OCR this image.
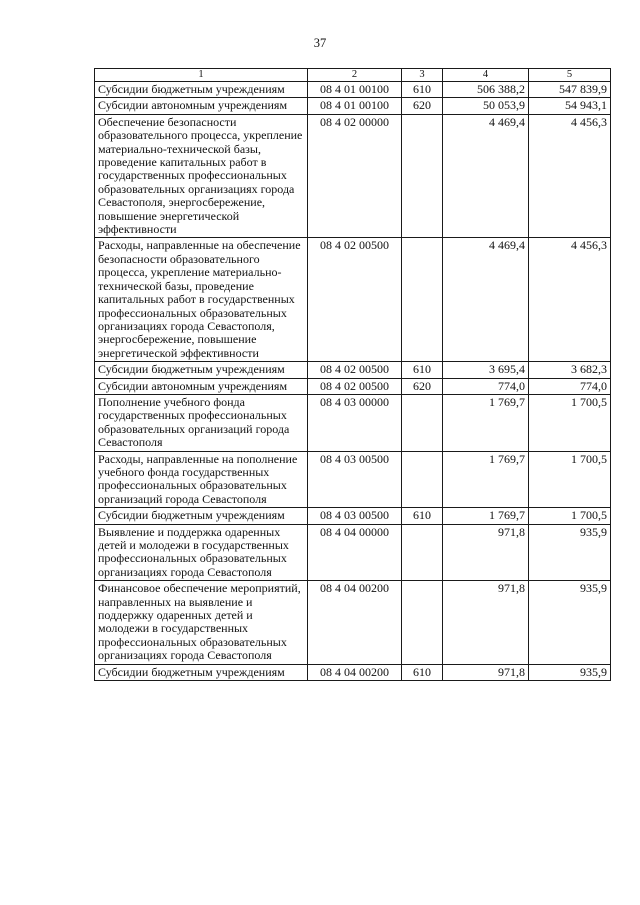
37
1	2	3	4	5
Субсидии бюджетным учреждениям	08 4 01 00100	610	506 388,2	547 839,9
Субсидии автономным учреждениям	08 4 01 00100	620	50 053,9	54 943,1
Обеспечение безопасности образовательного процесса, укрепление материально-технической базы, проведение капитальных работ в государственных профессиональных образовательных организациях города Севастополя, энергосбережение, повышение энергетической эффективности	08 4 02 00000		4 469,4	4 456,3
Расходы, направленные на обеспечение безопасности образовательного процесса, укрепление материально-технической базы, проведение капитальных работ в государственных профессиональных образовательных организациях города Севастополя, энергосбережение, повышение энергетической эффективности	08 4 02 00500		4 469,4	4 456,3
Субсидии бюджетным учреждениям	08 4 02 00500	610	3 695,4	3 682,3
Субсидии автономным учреждениям	08 4 02 00500	620	774,0	774,0
Пополнение учебного фонда государственных профессиональных образовательных организаций города Севастополя	08 4 03 00000		1 769,7	1 700,5
Расходы, направленные на пополнение учебного фонда государственных профессиональных образовательных организаций города Севастополя	08 4 03 00500		1 769,7	1 700,5
Субсидии бюджетным учреждениям	08 4 03 00500	610	1 769,7	1 700,5
Выявление и поддержка одаренных детей и молодежи в государственных профессиональных образовательных организациях города Севастополя	08 4 04 00000		971,8	935,9
Финансовое обеспечение мероприятий, направленных на выявление и поддержку одаренных детей и молодежи в государственных профессиональных образовательных организациях города Севастополя	08 4 04 00200		971,8	935,9
Субсидии бюджетным учреждениям	08 4 04 00200	610	971,8	935,9
